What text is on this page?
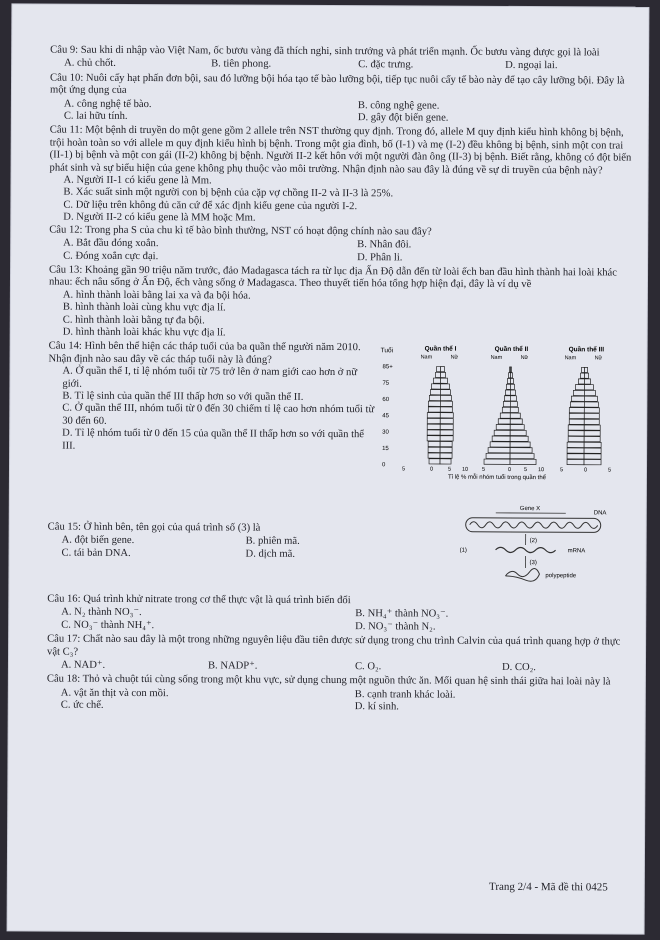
Câu 9: Sau khi di nhập vào Việt Nam, ốc bươu vàng đã thích nghi, sinh trưởng và phát triển mạnh. Ốc bươu vàng được gọi là loài

A. chủ chốt.	B. tiên phong.	C. đặc trưng.	D. ngoại lai.

Câu 10: Nuôi cấy hạt phấn đơn bội, sau đó lưỡng bội hóa tạo tế bào lưỡng bội, tiếp tục nuôi cấy tế bào này để tạo cây lưỡng bội. Đây là một ứng dụng của

A. công nghệ tế bào.	B. công nghệ gene.
C. lai hữu tính.	D. gây đột biến gene.

Câu 11: Một bệnh di truyền do một gene gồm 2 allele trên NST thường quy định. Trong đó, allele M quy định kiểu hình không bị bệnh, trội hoàn toàn so với allele m quy định kiểu hình bị bệnh. Trong một gia đình, bố (I-1) và mẹ (I-2) đều không bị bệnh, sinh một con trai (II-1) bị bệnh và một con gái (II-2) không bị bệnh. Người II-2 kết hôn với một người đàn ông (II-3) bị bệnh. Biết rằng, không có đột biến phát sinh và sự biểu hiện của gene không phụ thuộc vào môi trường. Nhận định nào sau đây là đúng về sự di truyền của bệnh này?

A. Người II-1 có kiểu gene là Mm.

B. Xác suất sinh một người con bị bệnh của cặp vợ chồng II-2 và II-3 là 25%.

C. Dữ liệu trên không đủ căn cứ để xác định kiểu gene của người I-2.

D. Người II-2 có kiểu gene là MM hoặc Mm.

Câu 12: Trong pha S của chu kì tế bào bình thường, NST có hoạt động chính nào sau đây?

A. Bắt đầu đóng xoắn.	B. Nhân đôi.
C. Đóng xoắn cực đại.	D. Phân li.

Câu 13: Khoảng gần 90 triệu năm trước, đảo Madagasca tách ra từ lục địa Ấn Độ dẫn đến từ loài ếch ban đầu hình thành hai loài khác nhau: ếch nâu sống ở Ấn Độ, ếch vàng sống ở Madagasca. Theo thuyết tiến hóa tổng hợp hiện đại, đây là ví dụ về

A. hình thành loài bằng lai xa và đa bội hóa.

B. hình thành loài cùng khu vực địa lí.

C. hình thành loài bằng tự đa bội.

D. hình thành loài khác khu vực địa lí.

Câu 14: Hình bên thể hiện các tháp tuổi của ba quần thể người năm 2010. Nhận định nào sau đây về các tháp tuổi này là đúng?

A. Ở quần thể I, tỉ lệ nhóm tuổi từ 75 trở lên ở nam giới cao hơn ở nữ giới.

B. Tỉ lệ sinh của quần thể III thấp hơn so với quần thể II.

C. Ở quần thể III, nhóm tuổi từ 0 đến 30 chiếm tỉ lệ cao hơn nhóm tuổi từ 30 đến 60.

D. Tỉ lệ nhóm tuổi từ 0 đến 15 của quần thể II thấp hơn so với quần thể III.

Tuổi
85+
75
60
45
30
15
0
Quần thể I
Nam	Nữ
Quần thể II
Nam	Nữ
Quần thể III
Nam	Nữ
5	0	5 10	5	0 5 10	5	0	5
Tỉ lệ % mỗi nhóm tuổi trong quần thể

Câu 15: Ở hình bên, tên gọi của quá trình số (3) là

A. đột biến gene.	B. phiên mã.
C. tái bản DNA.	D. dịch mã.
Gene X
DNA
(2)
(1)	mRNA
(3)
polypeptide

Câu 16: Quá trình khử nitrate trong cơ thể thực vật là quá trình biến đổi

A. N₂ thành NO₃⁻.	B. NH₄⁺ thành NO₃⁻.
C. NO₃⁻ thành NH₄⁺.	D. NO₃⁻ thành N₂.

Câu 17: Chất nào sau đây là một trong những nguyên liệu đầu tiên được sử dụng trong chu trình Calvin của quá trình quang hợp ở thực vật C₃?

A. NAD⁺.	B. NADP⁺.	C. O₂.	D. CO₂.

Câu 18: Thỏ và chuột túi cùng sống trong một khu vực, sử dụng chung một nguồn thức ăn. Mối quan hệ sinh thái giữa hai loài này là

A. vật ăn thịt và con mồi.	B. cạnh tranh khác loài.
C. ức chế.	D. kí sinh.
Trang 2/4 - Mã đề thi 0425
